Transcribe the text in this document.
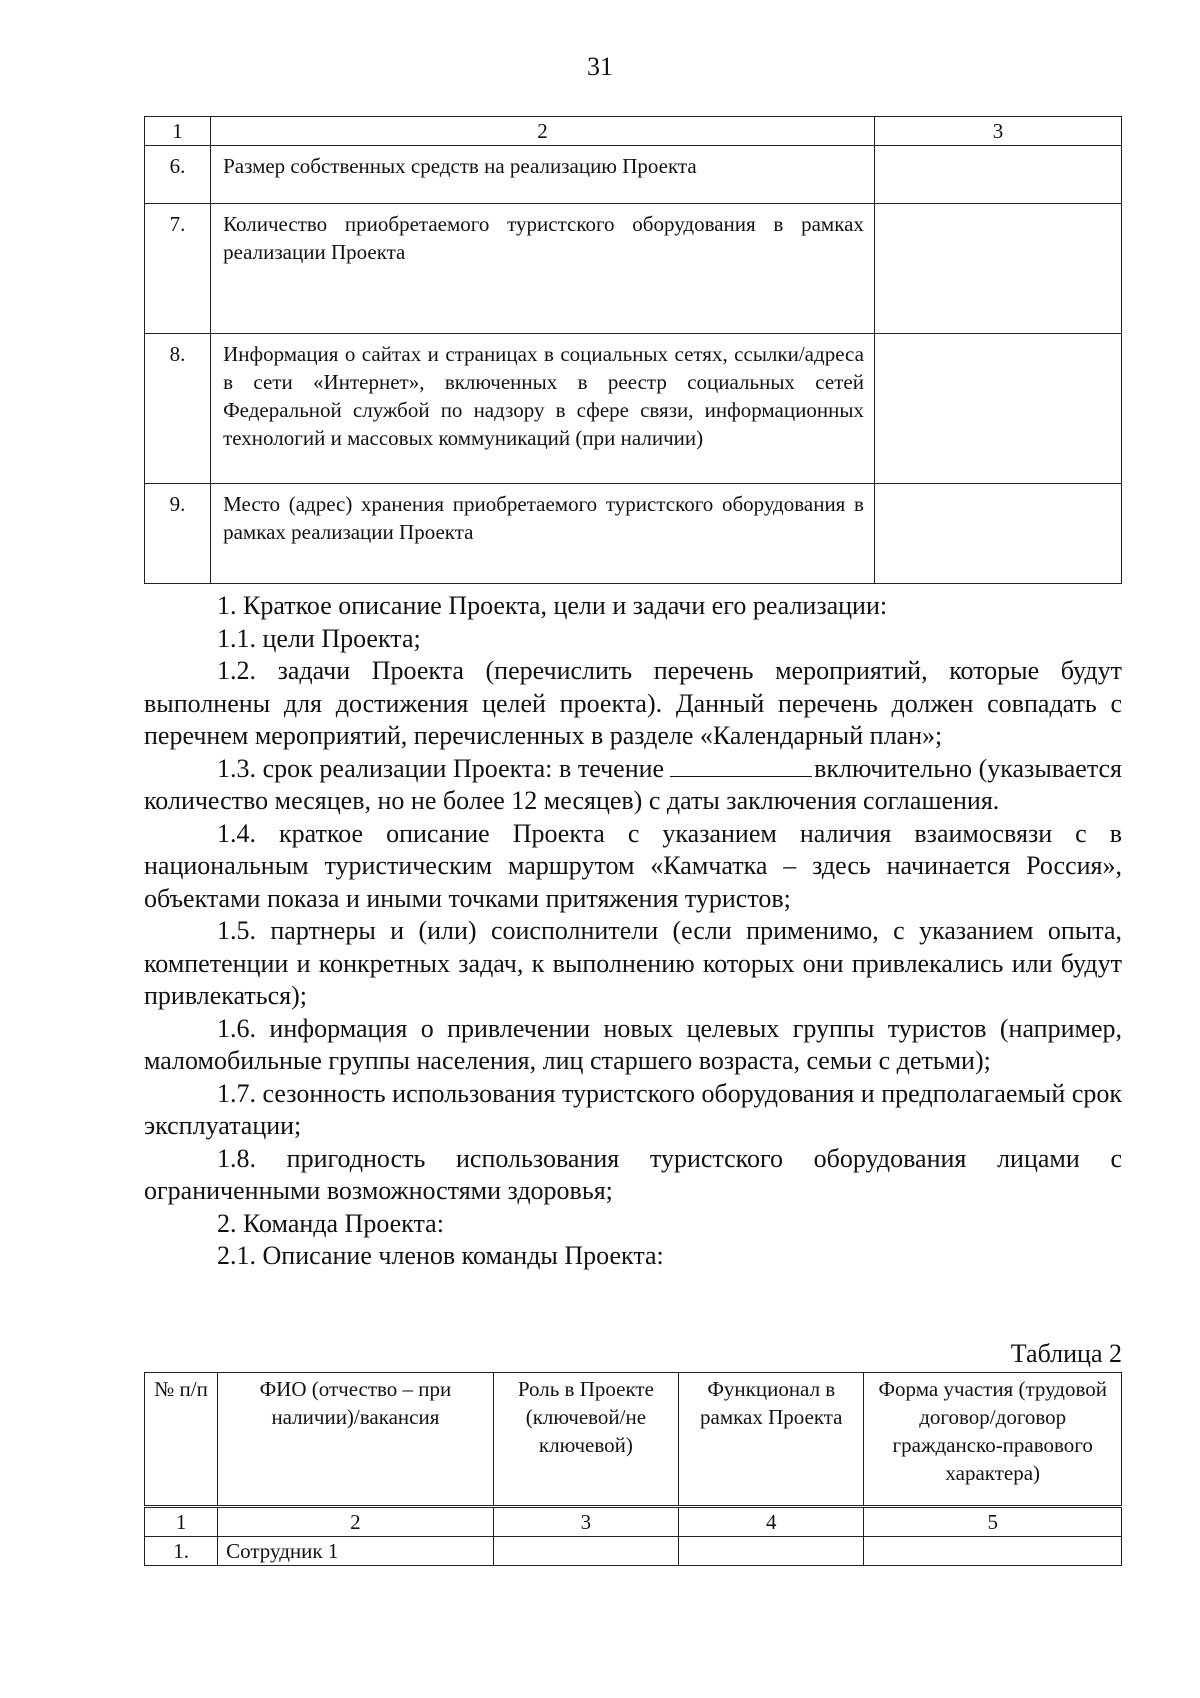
31
1	2	3
6.	Размер собственных средств на реализацию Проекта	
7.	Количество приобретаемого туристского оборудования в рамках реализации Проекта	
8.	Информация о сайтах и страницах в социальных сетях, ссылки/адреса в сети «Интернет», включенных в реестр социальных сетей Федеральной службой по надзору в сфере связи, информационных технологий и массовых коммуникаций (при наличии)	
9.	Место (адрес) хранения приобретаемого туристского оборудования в рамках реализации Проекта	

1. Краткое описание Проекта, цели и задачи его реализации:

1.1. цели Проекта;

1.2. задачи Проекта (перечислить перечень мероприятий, которые будут выполнены для достижения целей проекта). Данный перечень должен совпадать с перечнем мероприятий, перечисленных в разделе «Календарный план»;

1.3. срок реализации Проекта: в течение	включительно (указывается количество месяцев, но не более 12 месяцев) с даты заключения соглашения.

1.4. краткое описание Проекта с указанием наличия взаимосвязи с в национальным туристическим маршрутом «Камчатка – здесь начинается Россия», объектами показа и иными точками притяжения туристов;

1.5. партнеры и (или) соисполнители (если применимо, с указанием опыта, компетенции и конкретных задач, к выполнению которых они привлекались или будут привлекаться);

1.6. информация о привлечении новых целевых группы туристов (например, маломобильные группы населения, лиц старшего возраста, семьи с детьми);

1.7. сезонность использования туристского оборудования и предполагаемый срок эксплуатации;

1.8. пригодность использования туристского оборудования лицами с ограниченными возможностями здоровья;

2. Команда Проекта:

2.1. Описание членов команды Проекта:

Таблица 2
№ п/п	ФИО (отчество – при наличии)/вакансия	Роль в Проекте (ключевой/не ключевой)	Функционал в рамках Проекта	Форма участия (трудовой договор/договор гражданско-правового характера)
1	2	3	4	5
1.	Сотрудник 1			
